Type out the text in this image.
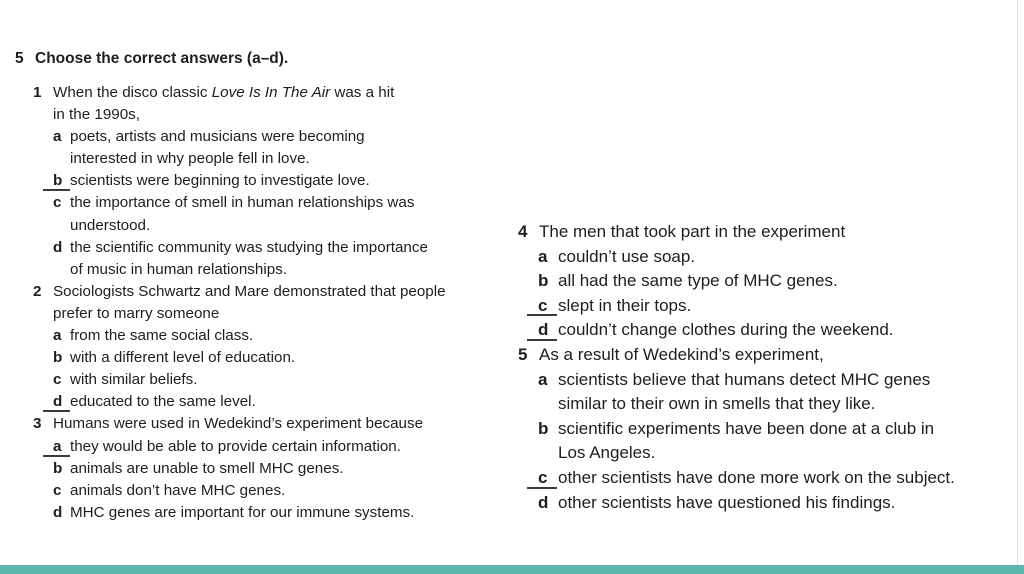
5 Choose the correct answers (a–d).
1 When the disco classic Love Is In The Air was a hit
in the 1990s,
a poets, artists and musicians were becoming
interested in why people fell in love.
b scientists were beginning to investigate love.
c the importance of smell in human relationships was
understood.
d the scientific community was studying the importance
of music in human relationships.
2 Sociologists Schwartz and Mare demonstrated that people
prefer to marry someone
a from the same social class.
b with a different level of education.
c with similar beliefs.
d educated to the same level.
3 Humans were used in Wedekind’s experiment because
a they would be able to provide certain information.
b animals are unable to smell MHC genes.
c animals don’t have MHC genes.
d MHC genes are important for our immune systems.
4 The men that took part in the experiment
a couldn’t use soap.
b all had the same type of MHC genes.
c slept in their tops.
d couldn’t change clothes during the weekend.
5 As a result of Wedekind’s experiment,
a scientists believe that humans detect MHC genes
similar to their own in smells that they like.
b scientific experiments have been done at a club in
Los Angeles.
c other scientists have done more work on the subject.
d other scientists have questioned his findings.
